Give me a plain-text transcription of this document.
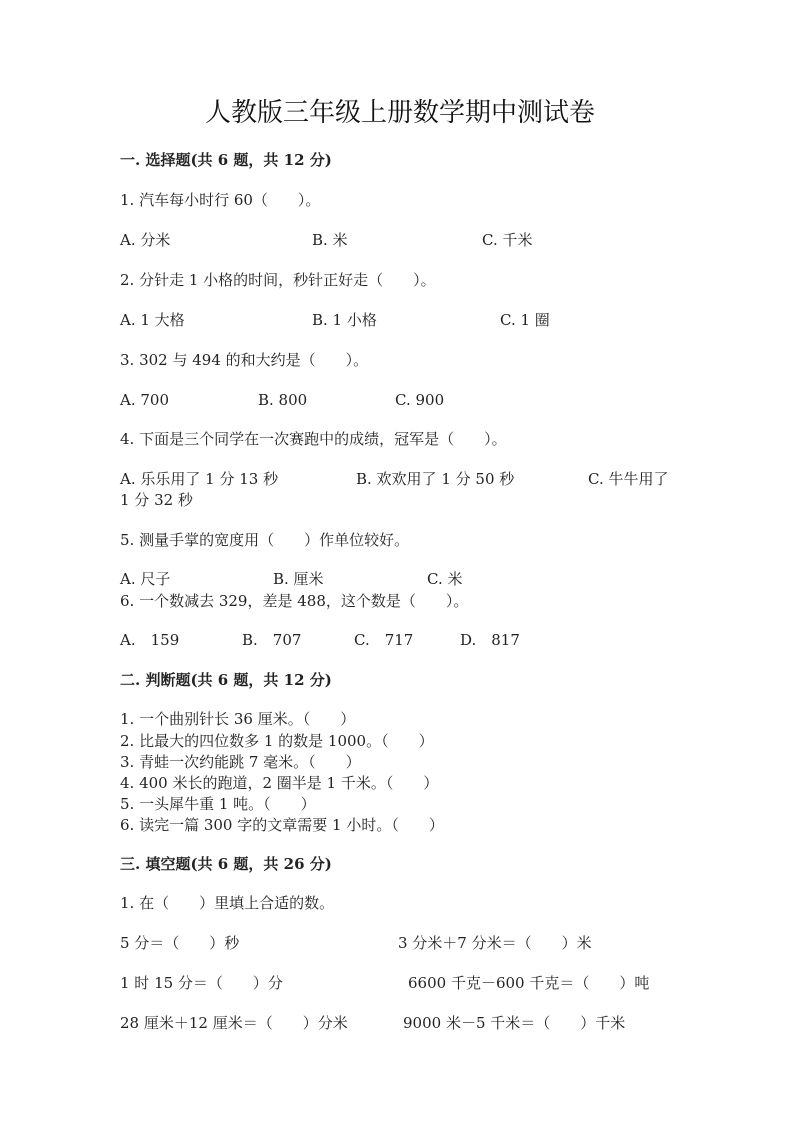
人教版三年级上册数学期中测试卷
一. 选择题(共 6 题，共 12 分)
1. 汽车每小时行 60（　　）。
A. 分米	B. 米	C. 千米
2. 分针走 1 小格的时间，秒针正好走（　　）。
A. 1 大格	B. 1 小格	C. 1 圈
3. 302 与 494 的和大约是（　　）。
A. 700	B. 800	C. 900
4. 下面是三个同学在一次赛跑中的成绩，冠军是（　　）。
A. 乐乐用了 1 分 13 秒	B. 欢欢用了 1 分 50 秒	C. 牛牛用了
1 分 32 秒
5. 测量手掌的宽度用（　　）作单位较好。
A. 尺子	B. 厘米	C. 米
6. 一个数减去 329，差是 488，这个数是（　　）。
A.　159	B.　707	C.　717	D.　817
二. 判断题(共 6 题，共 12 分)
1. 一个曲别针长 36 厘米。（　　）
2. 比最大的四位数多 1 的数是 1000。（　　）
3. 青蛙一次约能跳 7 毫米。（　　）
4. 400 米长的跑道，2 圈半是 1 千米。（　　）
5. 一头犀牛重 1 吨。（　　）
6. 读完一篇 300 字的文章需要 1 小时。（　　）
三. 填空题(共 6 题，共 26 分)
1. 在（　　）里填上合适的数。
5 分＝（　　）秒	3 分米＋7 分米＝（　　）米
1 时 15 分＝（　　）分	6600 千克－600 千克＝（　　）吨
28 厘米＋12 厘米＝（　　）分米	9000 米－5 千米＝（　　）千米
